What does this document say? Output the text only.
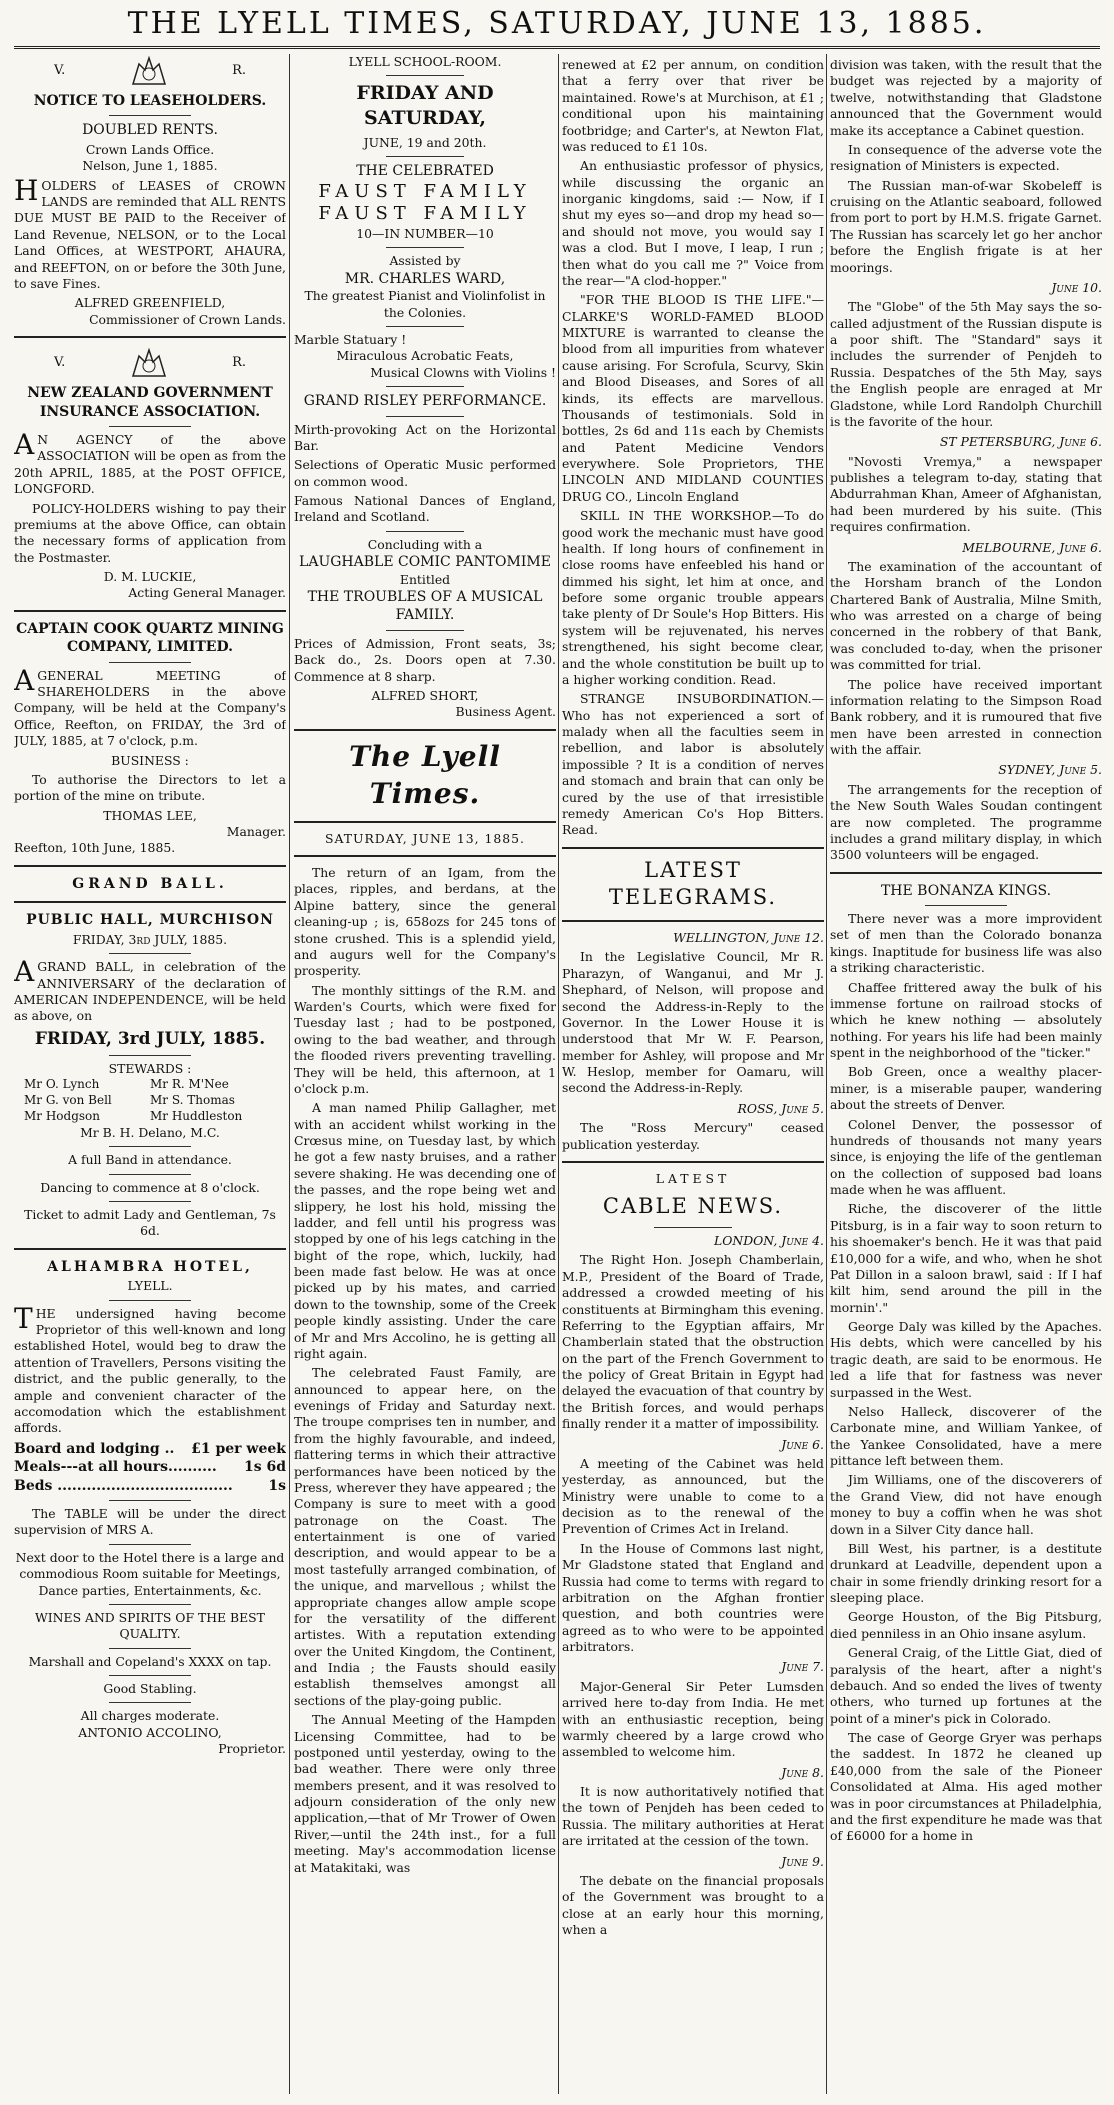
THE LYELL TIMES, SATURDAY, JUNE 13, 1885.
V.	R.
NOTICE TO LEASEHOLDERS.
DOUBLED RENTS.
Crown Lands Office.
Nelson, June 1, 1885.

HOLDERS of LEASES of CROWN LANDS are reminded that ALL RENTS DUE MUST BE PAID to the Receiver of Land Revenue, NELSON, or to the Local Land Offices, at WESTPORT, AHAURA, and REEFTON, on or before the 30th June, to save Fines.

ALFRED GREENFIELD,
Commissioner of Crown Lands.
V.	R.
NEW ZEALAND GOVERNMENT INSURANCE ASSOCIATION.

AN AGENCY of the above ASSOCIATION will be open as from the 20th APRIL, 1885, at the POST OFFICE, LONGFORD.

POLICY-HOLDERS wishing to pay their premiums at the above Office, can obtain the necessary forms of application from the Postmaster.

D. M. LUCKIE,
Acting General Manager.
CAPTAIN COOK QUARTZ MINING COMPANY, LIMITED.

AGENERAL MEETING of SHAREHOLDERS in the above Company, will be held at the Company's Office, Reefton, on FRIDAY, the 3rd of JULY, 1885, at 7 o'clock, p.m.

BUSINESS :

To authorise the Directors to let a portion of the mine on tribute.

THOMAS LEE,
Manager.
Reefton, 10th June, 1885.
GRAND BALL.
PUBLIC HALL, MURCHISON
FRIDAY, 3rd JULY, 1885.

AGRAND BALL, in celebration of the ANNIVERSARY of the declaration of AMERICAN INDEPENDENCE, will be held as above, on

FRIDAY, 3rd JULY, 1885.
STEWARDS :
Mr O. Lynch	Mr R. M'Nee
Mr G. von Bell	Mr S. Thomas
Mr Hodgson	Mr Huddleston
Mr B. H. Delano, M.C.
A full Band in attendance.
Dancing to commence at 8 o'clock.
Ticket to admit Lady and Gentleman, 7s 6d.
ALHAMBRA HOTEL,
LYELL.

THE undersigned having become Proprietor of this well-known and long established Hotel, would beg to draw the attention of Travellers, Persons visiting the district, and the public generally, to the ample and convenient character of the accomodation which the establishment affords.

Board and lodging .. £1 per week
Meals---at all hours.......... 1s 6d
Beds ....................................	1s

The TABLE will be under the direct supervision of MRS A.

Next door to the Hotel there is a large and commodious Room suitable for Meetings, Dance parties, Entertainments, &c.

WINES AND SPIRITS OF THE BEST QUALITY.
Marshall and Copeland's XXXX on tap.
Good Stabling.
All charges moderate.
ANTONIO ACCOLINO,
Proprietor.
LYELL SCHOOL-ROOM.
FRIDAY AND SATURDAY,
JUNE, 19 and 20th.
THE CELEBRATED
FAUST FAMILY
FAUST FAMILY
10—IN NUMBER—10
Assisted by
MR. CHARLES WARD,
The greatest Pianist and Violinfolist in the Colonies.
Marble Statuary !
Miraculous Acrobatic Feats,
Musical Clowns with Violins !
GRAND RISLEY PERFORMANCE.

Mirth-provoking Act on the Horizontal Bar.

Selections of Operatic Music performed on common wood.

Famous National Dances of England, Ireland and Scotland.

Concluding with a
LAUGHABLE COMIC PANTOMIME
Entitled
THE TROUBLES OF A MUSICAL FAMILY.

Prices of Admission, Front seats, 3s; Back do., 2s. Doors open at 7.30. Commence at 8 sharp.

ALFRED SHORT,
Business Agent.
The Lyell Times.
SATURDAY, JUNE 13, 1885.

The return of an Igam, from the places, ripples, and berdans, at the Alpine battery, since the general cleaning-up ; is, 658ozs for 245 tons of stone crushed. This is a splendid yield, and augurs well for the Company's prosperity.

The monthly sittings of the R.M. and Warden's Courts, which were fixed for Tuesday last ; had to be postponed, owing to the bad weather, and through the flooded rivers preventing travelling. They will be held, this afternoon, at 1 o'clock p.m.

A man named Philip Gallagher, met with an accident whilst working in the Crœsus mine, on Tuesday last, by which he got a few nasty bruises, and a rather severe shaking. He was decending one of the passes, and the rope being wet and slippery, he lost his hold, missing the ladder, and fell until his progress was stopped by one of his legs catching in the bight of the rope, which, luckily, had been made fast below. He was at once picked up by his mates, and carried down to the township, some of the Creek people kindly assisting. Under the care of Mr and Mrs Accolino, he is getting all right again.

The celebrated Faust Family, are announced to appear here, on the evenings of Friday and Saturday next. The troupe comprises ten in number, and from the highly favourable, and indeed, flattering terms in which their attractive performances have been noticed by the Press, wherever they have appeared ; the Company is sure to meet with a good patronage on the Coast. The entertainment is one of varied description, and would appear to be a most tastefully arranged combination, of the unique, and marvellous ; whilst the appropriate changes allow ample scope for the versatility of the different artistes. With a reputation extending over the United Kingdom, the Continent, and India ; the Fausts should easily establish themselves amongst all sections of the play-going public.

The Annual Meeting of the Hampden Licensing Committee, had to be postponed until yesterday, owing to the bad weather. There were only three members present, and it was resolved to adjourn consideration of the only new application,—that of Mr Trower of Owen River,—until the 24th inst., for a full meeting. May's accommodation license at Matakitaki, was

renewed at £2 per annum, on condition that a ferry over that river be maintained. Rowe's at Murchison, at £1 ; conditional upon his maintaining footbridge; and Carter's, at Newton Flat, was reduced to £1 10s.

An enthusiastic professor of physics, while discussing the organic an inorganic kingdoms, said :— Now, if I shut my eyes so—and drop my head so—and should not move, you would say I was a clod. But I move, I leap, I run ; then what do you call me ?" Voice from the rear—"A clod-hopper."

"FOR THE BLOOD IS THE LIFE."—CLARKE'S WORLD-FAMED BLOOD MIXTURE is warranted to cleanse the blood from all impurities from whatever cause arising. For Scrofula, Scurvy, Skin and Blood Diseases, and Sores of all kinds, its effects are marvellous. Thousands of testimonials. Sold in bottles, 2s 6d and 11s each by Chemists and Patent Medicine Vendors everywhere. Sole Proprietors, THE LINCOLN AND MIDLAND COUNTIES DRUG CO., Lincoln England

SKILL IN THE WORKSHOP.—To do good work the mechanic must have good health. If long hours of confinement in close rooms have enfeebled his hand or dimmed his sight, let him at once, and before some organic trouble appears take plenty of Dr Soule's Hop Bitters. His system will be rejuvenated, his nerves strengthened, his sight become clear, and the whole constitution be built up to a higher working condition. Read.

STRANGE INSUBORDINATION.—Who has not experienced a sort of malady when all the faculties seem in rebellion, and labor is absolutely impossible ? It is a condition of nerves and stomach and brain that can only be cured by the use of that irresistible remedy American Co's Hop Bitters. Read.

LATEST TELEGRAMS.
WELLINGTON, June 12.

In the Legislative Council, Mr R. Pharazyn, of Wanganui, and Mr J. Shephard, of Nelson, will propose and second the Address-in-Reply to the Governor. In the Lower House it is understood that Mr W. F. Pearson, member for Ashley, will propose and Mr W. Heslop, member for Oamaru, will second the Address-in-Reply.

ROSS, June 5.

The "Ross Mercury" ceased publication yesterday.

LATEST
CABLE NEWS.
LONDON, June 4.

The Right Hon. Joseph Chamberlain, M.P., President of the Board of Trade, addressed a crowded meeting of his constituents at Birmingham this evening. Referring to the Egyptian affairs, Mr Chamberlain stated that the obstruction on the part of the French Government to the policy of Great Britain in Egypt had delayed the evacuation of that country by the British forces, and would perhaps finally render it a matter of impossibility.

June 6.

A meeting of the Cabinet was held yesterday, as announced, but the Ministry were unable to come to a decision as to the renewal of the Prevention of Crimes Act in Ireland.

In the House of Commons last night, Mr Gladstone stated that England and Russia had come to terms with regard to arbitration on the Afghan frontier question, and both countries were agreed as to who were to be appointed arbitrators.

June 7.

Major-General Sir Peter Lumsden arrived here to-day from India. He met with an enthusiastic reception, being warmly cheered by a large crowd who assembled to welcome him.

June 8.

It is now authoritatively notified that the town of Penjdeh has been ceded to Russia. The military authorities at Herat are irritated at the cession of the town.

June 9.

The debate on the financial proposals of the Government was brought to a close at an early hour this morning, when a

division was taken, with the result that the budget was rejected by a majority of twelve, notwithstanding that Gladstone announced that the Government would make its acceptance a Cabinet question.

In consequence of the adverse vote the resignation of Ministers is expected.

The Russian man-of-war Skobeleff is cruising on the Atlantic seaboard, followed from port to port by H.M.S. frigate Garnet. The Russian has scarcely let go her anchor before the English frigate is at her moorings.

June 10.

The "Globe" of the 5th May says the so-called adjustment of the Russian dispute is a poor shift. The "Standard" says it includes the surrender of Penjdeh to Russia. Despatches of the 5th May, says the English people are enraged at Mr Gladstone, while Lord Randolph Churchill is the favorite of the hour.

ST PETERSBURG, June 6.

"Novosti Vremya," a newspaper publishes a telegram to-day, stating that Abdurrahman Khan, Ameer of Afghanistan, had been murdered by his suite. (This requires confirmation.

MELBOURNE, June 6.

The examination of the accountant of the Horsham branch of the London Chartered Bank of Australia, Milne Smith, who was arrested on a charge of being concerned in the robbery of that Bank, was concluded to-day, when the prisoner was committed for trial.

The police have received important information relating to the Simpson Road Bank robbery, and it is rumoured that five men have been arrested in connection with the affair.

SYDNEY, June 5.

The arrangements for the reception of the New South Wales Soudan contingent are now completed. The programme includes a grand military display, in which 3500 volunteers will be engaged.

THE BONANZA KINGS.

There never was a more improvident set of men than the Colorado bonanza kings. Inaptitude for business life was also a striking characteristic.

Chaffee frittered away the bulk of his immense fortune on railroad stocks of which he knew nothing — absolutely nothing. For years his life had been mainly spent in the neighborhood of the "ticker."

Bob Green, once a wealthy placer-miner, is a miserable pauper, wandering about the streets of Denver.

Colonel Denver, the possessor of hundreds of thousands not many years since, is enjoying the life of the gentleman on the collection of supposed bad loans made when he was affluent.

Riche, the discoverer of the little Pitsburg, is in a fair way to soon return to his shoemaker's bench. He it was that paid £10,000 for a wife, and who, when he shot Pat Dillon in a saloon brawl, said : If I haf kilt him, send around the pill in the mornin'."

George Daly was killed by the Apaches. His debts, which were cancelled by his tragic death, are said to be enormous. He led a life that for fastness was never surpassed in the West.

Nelso Halleck, discoverer of the Carbonate mine, and William Yankee, of the Yankee Consolidated, have a mere pittance left between them.

Jim Williams, one of the discoverers of the Grand View, did not have enough money to buy a coffin when he was shot down in a Silver City dance hall.

Bill West, his partner, is a destitute drunkard at Leadville, dependent upon a chair in some friendly drinking resort for a sleeping place.

George Houston, of the Big Pitsburg, died penniless in an Ohio insane asylum.

General Craig, of the Little Giat, died of paralysis of the heart, after a night's debauch. And so ended the lives of twenty others, who turned up fortunes at the point of a miner's pick in Colorado.

The case of George Gryer was perhaps the saddest. In 1872 he cleaned up £40,000 from the sale of the Pioneer Consolidated at Alma. His aged mother was in poor circumstances at Philadelphia, and the first expenditure he made was that of £6000 for a home in
